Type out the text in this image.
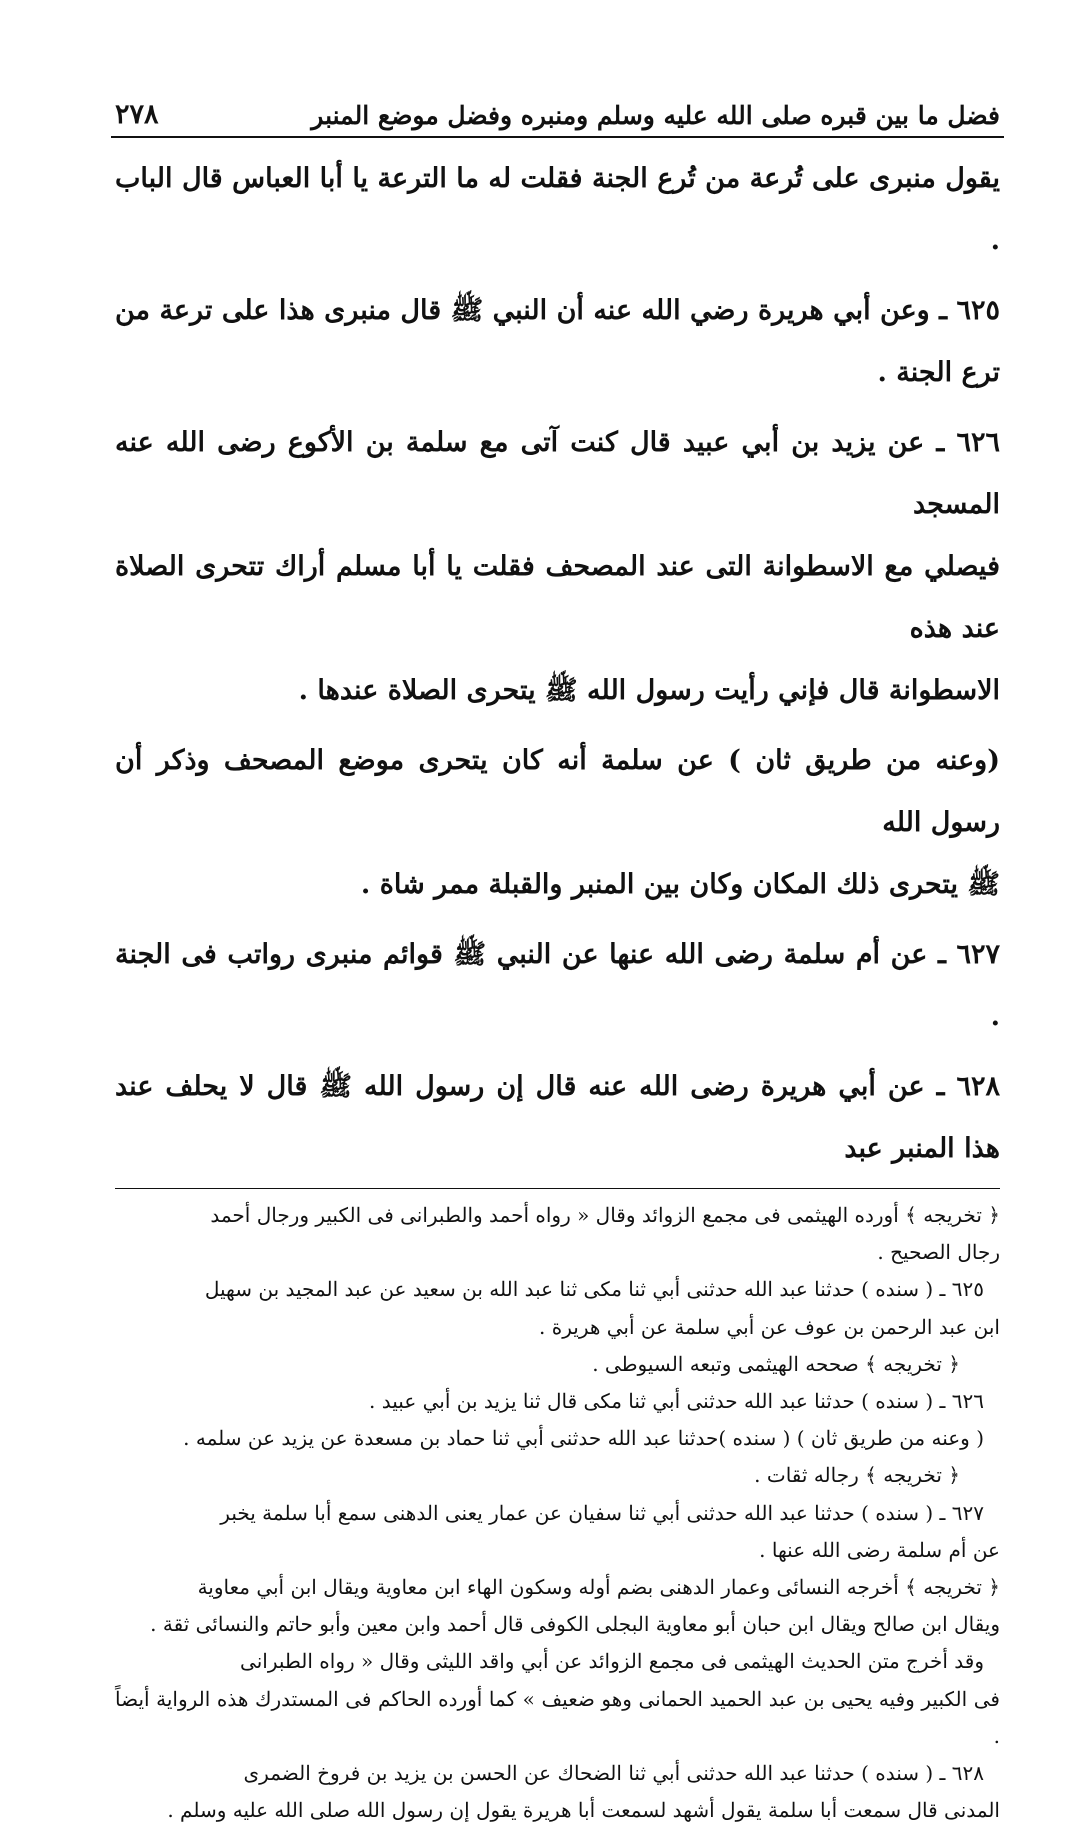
فضل ما بين قبره صلى الله عليه وسلم ومنبره وفضل موضع المنبر
٢٧٨

يقول منبرى على تُرعة من تُرع الجنة فقلت له ما الترعة يا أبا العباس قال الباب .

٦٢٥ ـ وعن أبي هريرة رضي الله عنه أن النبي ﷺ قال منبرى هذا على ترعة من ترع الجنة .

٦٢٦ ـ عن يزيد بن أبي عبيد قال كنت آتى مع سلمة بن الأكوع رضى الله عنه المسجد

فيصلي مع الاسطوانة التى عند المصحف فقلت يا أبا مسلم أراك تتحرى الصلاة عند هذه

الاسطوانة قال فإني رأيت رسول الله ﷺ يتحرى الصلاة عندها .

(وعنه من طريق ثان ) عن سلمة أنه كان يتحرى موضع المصحف وذكر أن رسول الله

ﷺ يتحرى ذلك المكان وكان بين المنبر والقبلة ممر شاة .

٦٢٧ ـ عن أم سلمة رضى الله عنها عن النبي ﷺ قوائم منبرى رواتب فى الجنة .

٦٢٨ ـ عن أبي هريرة رضى الله عنه قال إن رسول الله ﷺ قال لا يحلف عند هذا المنبر عبد

﴿ تخريجه ﴾ أورده الهيثمى فى مجمع الزوائد وقال « رواه أحمد والطبرانى فى الكبير ورجال أحمد

رجال الصحيح .

٦٢٥ ـ ( سنده ) حدثنا عبد الله حدثنى أبي ثنا مكى ثنا عبد الله بن سعيد عن عبد المجيد بن سهيل

ابن عبد الرحمن بن عوف عن أبي سلمة عن أبي هريرة .

﴿ تخريجه ﴾ صححه الهيثمى وتبعه السيوطى .

٦٢٦ ـ ( سنده ) حدثنا عبد الله حدثنى أبي ثنا مكى قال ثنا يزيد بن أبي عبيد .

( وعنه من طريق ثان ) ( سنده )حدثنا عبد الله حدثنى أبي ثنا حماد بن مسعدة عن يزيد عن سلمه .

﴿ تخريجه ﴾ رجاله ثقات .

٦٢٧ ـ ( سنده ) حدثنا عبد الله حدثنى أبي ثنا سفيان عن عمار يعنى الدهنى سمع أبا سلمة يخبر

عن أم سلمة رضى الله عنها .

﴿ تخريجه ﴾ أخرجه النسائى وعمار الدهنى بضم أوله وسكون الهاء ابن معاوية ويقال ابن أبي معاوية

ويقال ابن صالح ويقال ابن حبان أبو معاوية البجلى الكوفى قال أحمد وابن معين وأبو حاتم والنسائى ثقة .

وقد أخرج متن الحديث الهيثمى فى مجمع الزوائد عن أبي واقد الليثى وقال « رواه الطبرانى

فى الكبير وفيه يحيى بن عبد الحميد الحمانى وهو ضعيف » كما أورده الحاكم فى المستدرك هذه الرواية أيضاً .

٦٢٨ ـ ( سنده ) حدثنا عبد الله حدثنى أبي ثنا الضحاك عن الحسن بن يزيد بن فروخ الضمرى

المدنى قال سمعت أبا سلمة يقول أشهد لسمعت أبا هريرة يقول إن رسول الله صلى الله عليه وسلم .
